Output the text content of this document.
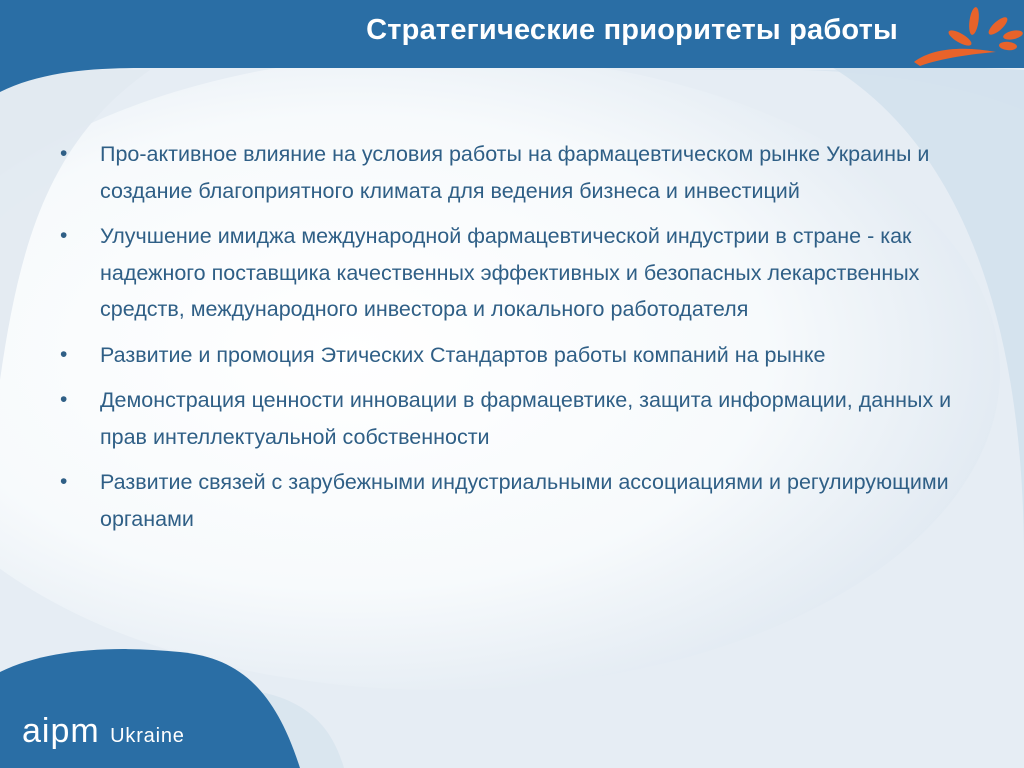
Стратегические приоритеты работы
• Про-активное влияние на условия работы на фармацевтическом рынке Украины и создание благоприятного климата для ведения бизнеса и инвестиций
• Улучшение имиджа международной фармацевтической индустрии в стране - как надежного поставщика качественных эффективных и безопасных лекарственных средств, международного инвестора и локального работодателя
• Развитие и промоция Этических Стандартов работы компаний на рынке
• Демонстрация ценности инновации в фармацевтике, защита информации, данных и прав интеллектуальной собственности
• Развитие связей с зарубежными индустриальными ассоциациями и регулирующими органами
aipm Ukraine
